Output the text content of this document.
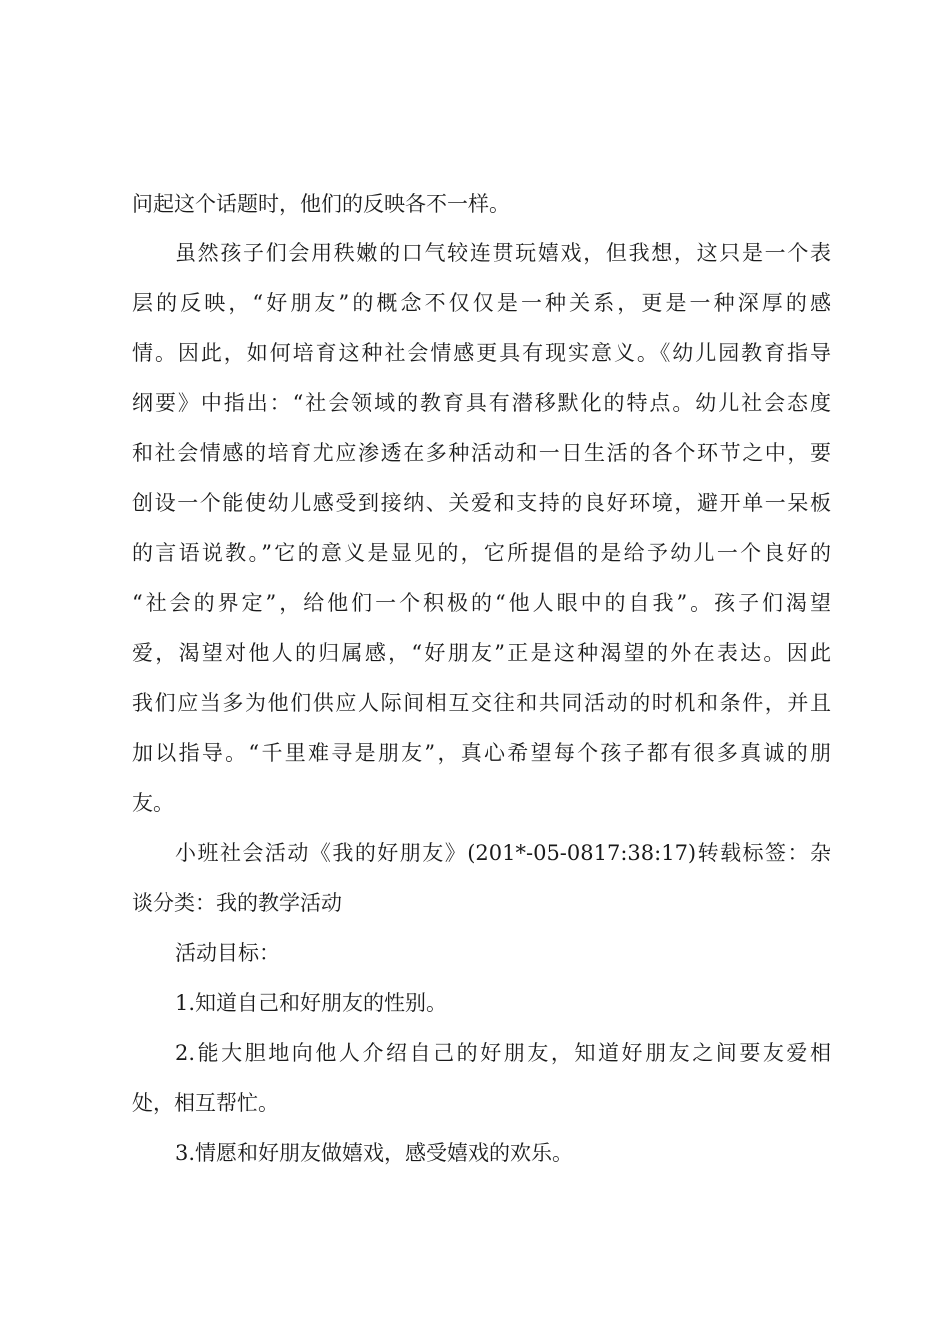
问起这个话题时，他们的反映各不一样。
虽然孩子们会用秩嫩的口气较连贯玩嬉戏，但我想，这只是一个表
层的反映，“好朋友”的概念不仅仅是一种关系，更是一种深厚的感
情。因此，如何培育这种社会情感更具有现实意义。《幼儿园教育指导
纲要》中指出：“社会领域的教育具有潜移默化的特点。幼儿社会态度
和社会情感的培育尤应渗透在多种活动和一日生活的各个环节之中，要
创设一个能使幼儿感受到接纳、关爱和支持的良好环境，避开单一呆板
的言语说教。”它的意义是显见的，它所提倡的是给予幼儿一个良好的
“社会的界定”，给他们一个积极的“他人眼中的自我”。孩子们渴望
爱，渴望对他人的归属感，“好朋友”正是这种渴望的外在表达。因此
我们应当多为他们供应人际间相互交往和共同活动的时机和条件，并且
加以指导。“千里难寻是朋友”，真心希望每个孩子都有很多真诚的朋
友。
小班社会活动《我的好朋友》(201*-05-0817:38:17)转载标签：杂
谈分类：我的教学活动
活动目标：
1.知道自己和好朋友的性别。
2.能大胆地向他人介绍自己的好朋友，知道好朋友之间要友爱相
处，相互帮忙。
3.情愿和好朋友做嬉戏，感受嬉戏的欢乐。
